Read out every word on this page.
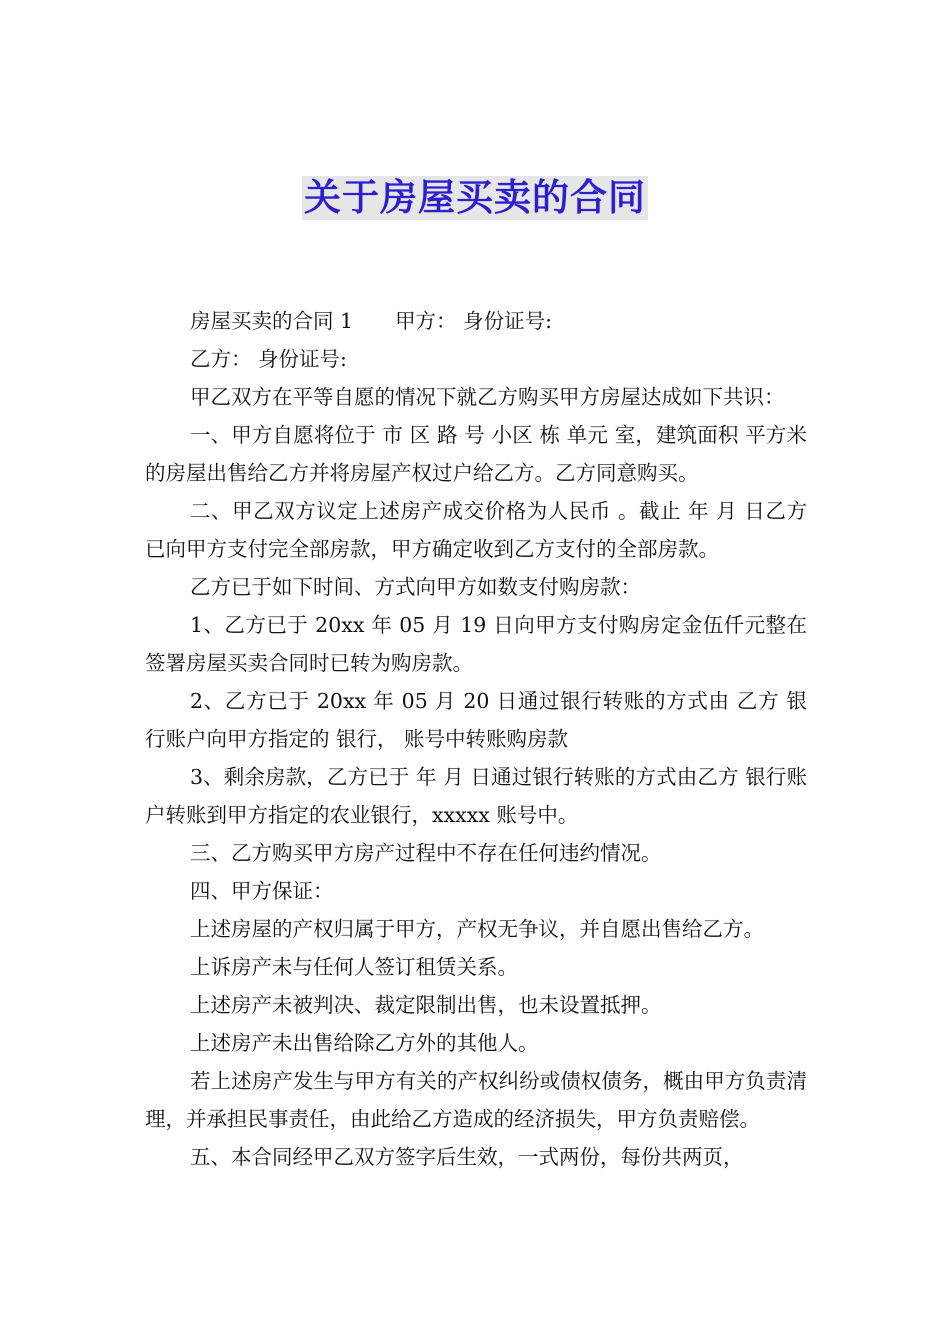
关于房屋买卖的合同

房屋买卖的合同 1 甲方： 身份证号:

乙方： 身份证号:

甲乙双方在平等自愿的情况下就乙方购买甲方房屋达成如下共识：

一、甲方自愿将位于 市 区 路 号 小区 栋 单元 室，建筑面积 平方米的房屋出售给乙方并将房屋产权过户给乙方。乙方同意购买。

二、甲乙双方议定上述房产成交价格为人民币 。截止 年 月 日乙方已向甲方支付完全部房款，甲方确定收到乙方支付的全部房款。

乙方已于如下时间、方式向甲方如数支付购房款：

1、乙方已于 20xx 年 05 月 19 日向甲方支付购房定金伍仟元整在签署房屋买卖合同时已转为购房款。

2、乙方已于 20xx 年 05 月 20 日通过银行转账的方式由 乙方 银行账户向甲方指定的 银行， 账号中转账购房款

3、剩余房款，乙方已于 年 月 日通过银行转账的方式由乙方 银行账户转账到甲方指定的农业银行，xxxxx 账号中。

三、乙方购买甲方房产过程中不存在任何违约情况。

四、甲方保证：

上述房屋的产权归属于甲方，产权无争议，并自愿出售给乙方。

上诉房产未与任何人签订租赁关系。

上述房产未被判决、裁定限制出售，也未设置抵押。

上述房产未出售给除乙方外的其他人。

若上述房产发生与甲方有关的产权纠纷或债权债务，概由甲方负责清理，并承担民事责任，由此给乙方造成的经济损失，甲方负责赔偿。

五、本合同经甲乙双方签字后生效，一式两份，每份共两页，
